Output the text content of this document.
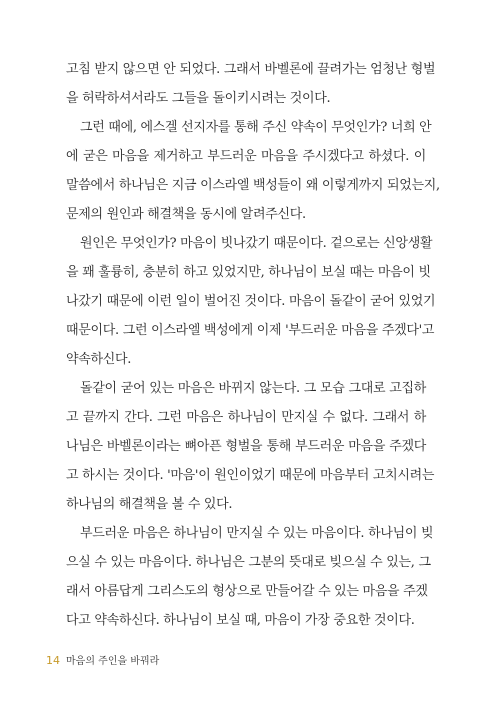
고침 받지 않으면 안 되었다. 그래서 바벨론에 끌려가는 엄청난 형벌
을 허락하셔서라도 그들을 돌이키시려는 것이다.
그런 때에, 에스겔 선지자를 통해 주신 약속이 무엇인가? 너희 안
에 굳은 마음을 제거하고 부드러운 마음을 주시겠다고 하셨다. 이
말씀에서 하나님은 지금 이스라엘 백성들이 왜 이렇게까지 되었는지,
문제의 원인과 해결책을 동시에 알려주신다.
원인은 무엇인가? 마음이 빗나갔기 때문이다. 겉으로는 신앙생활
을 꽤 훌륭히, 충분히 하고 있었지만, 하나님이 보실 때는 마음이 빗
나갔기 때문에 이런 일이 벌어진 것이다. 마음이 돌같이 굳어 있었기
때문이다. 그런 이스라엘 백성에게 이제 '부드러운 마음을 주겠다'고
약속하신다.
돌같이 굳어 있는 마음은 바뀌지 않는다. 그 모습 그대로 고집하
고 끝까지 간다. 그런 마음은 하나님이 만지실 수 없다. 그래서 하
나님은 바벨론이라는 뼈아픈 형벌을 통해 부드러운 마음을 주겠다
고 하시는 것이다. '마음'이 원인이었기 때문에 마음부터 고치시려는
하나님의 해결책을 볼 수 있다.
부드러운 마음은 하나님이 만지실 수 있는 마음이다. 하나님이 빚
으실 수 있는 마음이다. 하나님은 그분의 뜻대로 빚으실 수 있는, 그
래서 아름답게 그리스도의 형상으로 만들어갈 수 있는 마음을 주겠
다고 약속하신다. 하나님이 보실 때, 마음이 가장 중요한 것이다.
14 마음의 주인을 바꿔라
